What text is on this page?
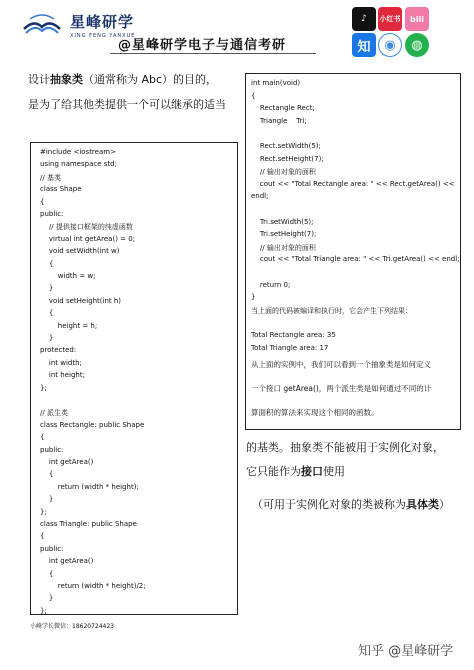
星峰研学
XING FENG YANXUE
@星峰研学电子与通信考研
♪ 小红书 bili
知 ◉ ◍
设计抽象类（通常称为 Abc）的目的，
是为了给其他类提供一个可以继承的适当
#include <iostream>
using namespace std;
// 基类
class Shape
{
public:
// 提供接口框架的纯虚函数
virtual int getArea() = 0;
void setWidth(int w)
{
width = w;
}
void setHeight(int h)
{
height = h;
}
protected:
int width;
int height;
};
// 派生类
class Rectangle: public Shape
{
public:
int getArea()
{
return (width * height);
}
};
class Triangle: public Shape
{
public:
int getArea()
{
return (width * height)/2;
}
};
int main(void)
{
Rectangle Rect;
Triangle    Tri;
Rect.setWidth(5);
Rect.setHeight(7);
// 输出对象的面积
cout << "Total Rectangle area: " << Rect.getArea() <<
endl;
Tri.setWidth(5);
Tri.setHeight(7);
// 输出对象的面积
cout << "Total Triangle area: " << Tri.getArea() << endl;
return 0;
}
当上面的代码被编译和执行时，它会产生下列结果：
Total Rectangle area: 35
Total Triangle area: 17
从上面的实例中，我们可以看到一个抽象类是如何定义
一个接口 getArea()，两个派生类是如何通过不同的计
算面积的算法来实现这个相同的函数。
的基类。抽象类不能被用于实例化对象，
它只能作为接口使用
（可用于实例化对象的类被称为具体类）
小峰学长微信：18620724423
知乎 @星峰研学
